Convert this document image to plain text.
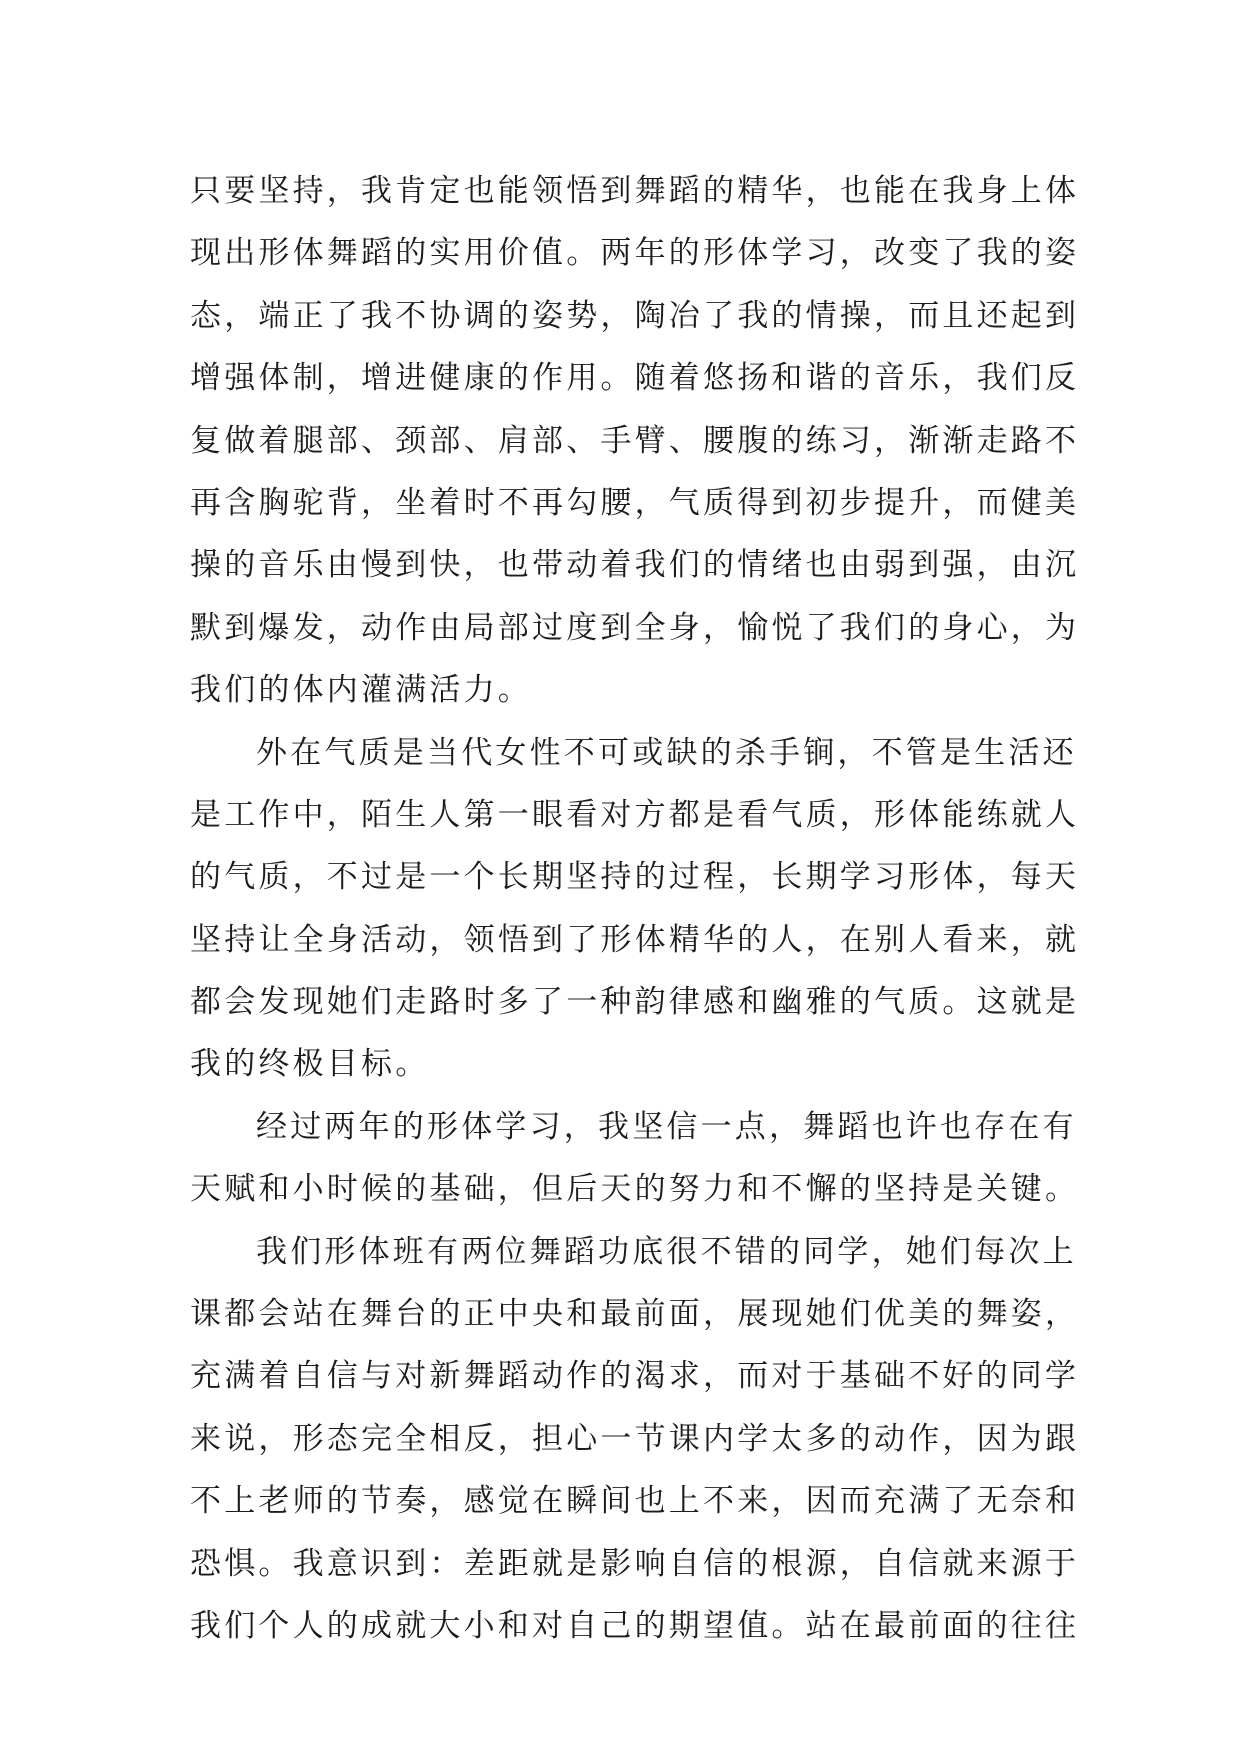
只要坚持，我肯定也能领悟到舞蹈的精华，也能在我身上体
现出形体舞蹈的实用价值。两年的形体学习，改变了我的姿
态，端正了我不协调的姿势，陶冶了我的情操，而且还起到
增强体制，增进健康的作用。随着悠扬和谐的音乐，我们反
复做着腿部、颈部、肩部、手臂、腰腹的练习，渐渐走路不
再含胸驼背，坐着时不再勾腰，气质得到初步提升，而健美
操的音乐由慢到快，也带动着我们的情绪也由弱到强，由沉
默到爆发，动作由局部过度到全身，愉悦了我们的身心，为
我们的体内灌满活力。
外在气质是当代女性不可或缺的杀手锏，不管是生活还
是工作中，陌生人第一眼看对方都是看气质，形体能练就人
的气质，不过是一个长期坚持的过程，长期学习形体，每天
坚持让全身活动，领悟到了形体精华的人，在别人看来，就
都会发现她们走路时多了一种韵律感和幽雅的气质。这就是
我的终极目标。
经过两年的形体学习，我坚信一点，舞蹈也许也存在有
天赋和小时候的基础，但后天的努力和不懈的坚持是关键。
我们形体班有两位舞蹈功底很不错的同学，她们每次上
课都会站在舞台的正中央和最前面，展现她们优美的舞姿，
充满着自信与对新舞蹈动作的渴求，而对于基础不好的同学
来说，形态完全相反，担心一节课内学太多的动作，因为跟
不上老师的节奏，感觉在瞬间也上不来，因而充满了无奈和
恐惧。我意识到：差距就是影响自信的根源，自信就来源于
我们个人的成就大小和对自己的期望值。站在最前面的往往
